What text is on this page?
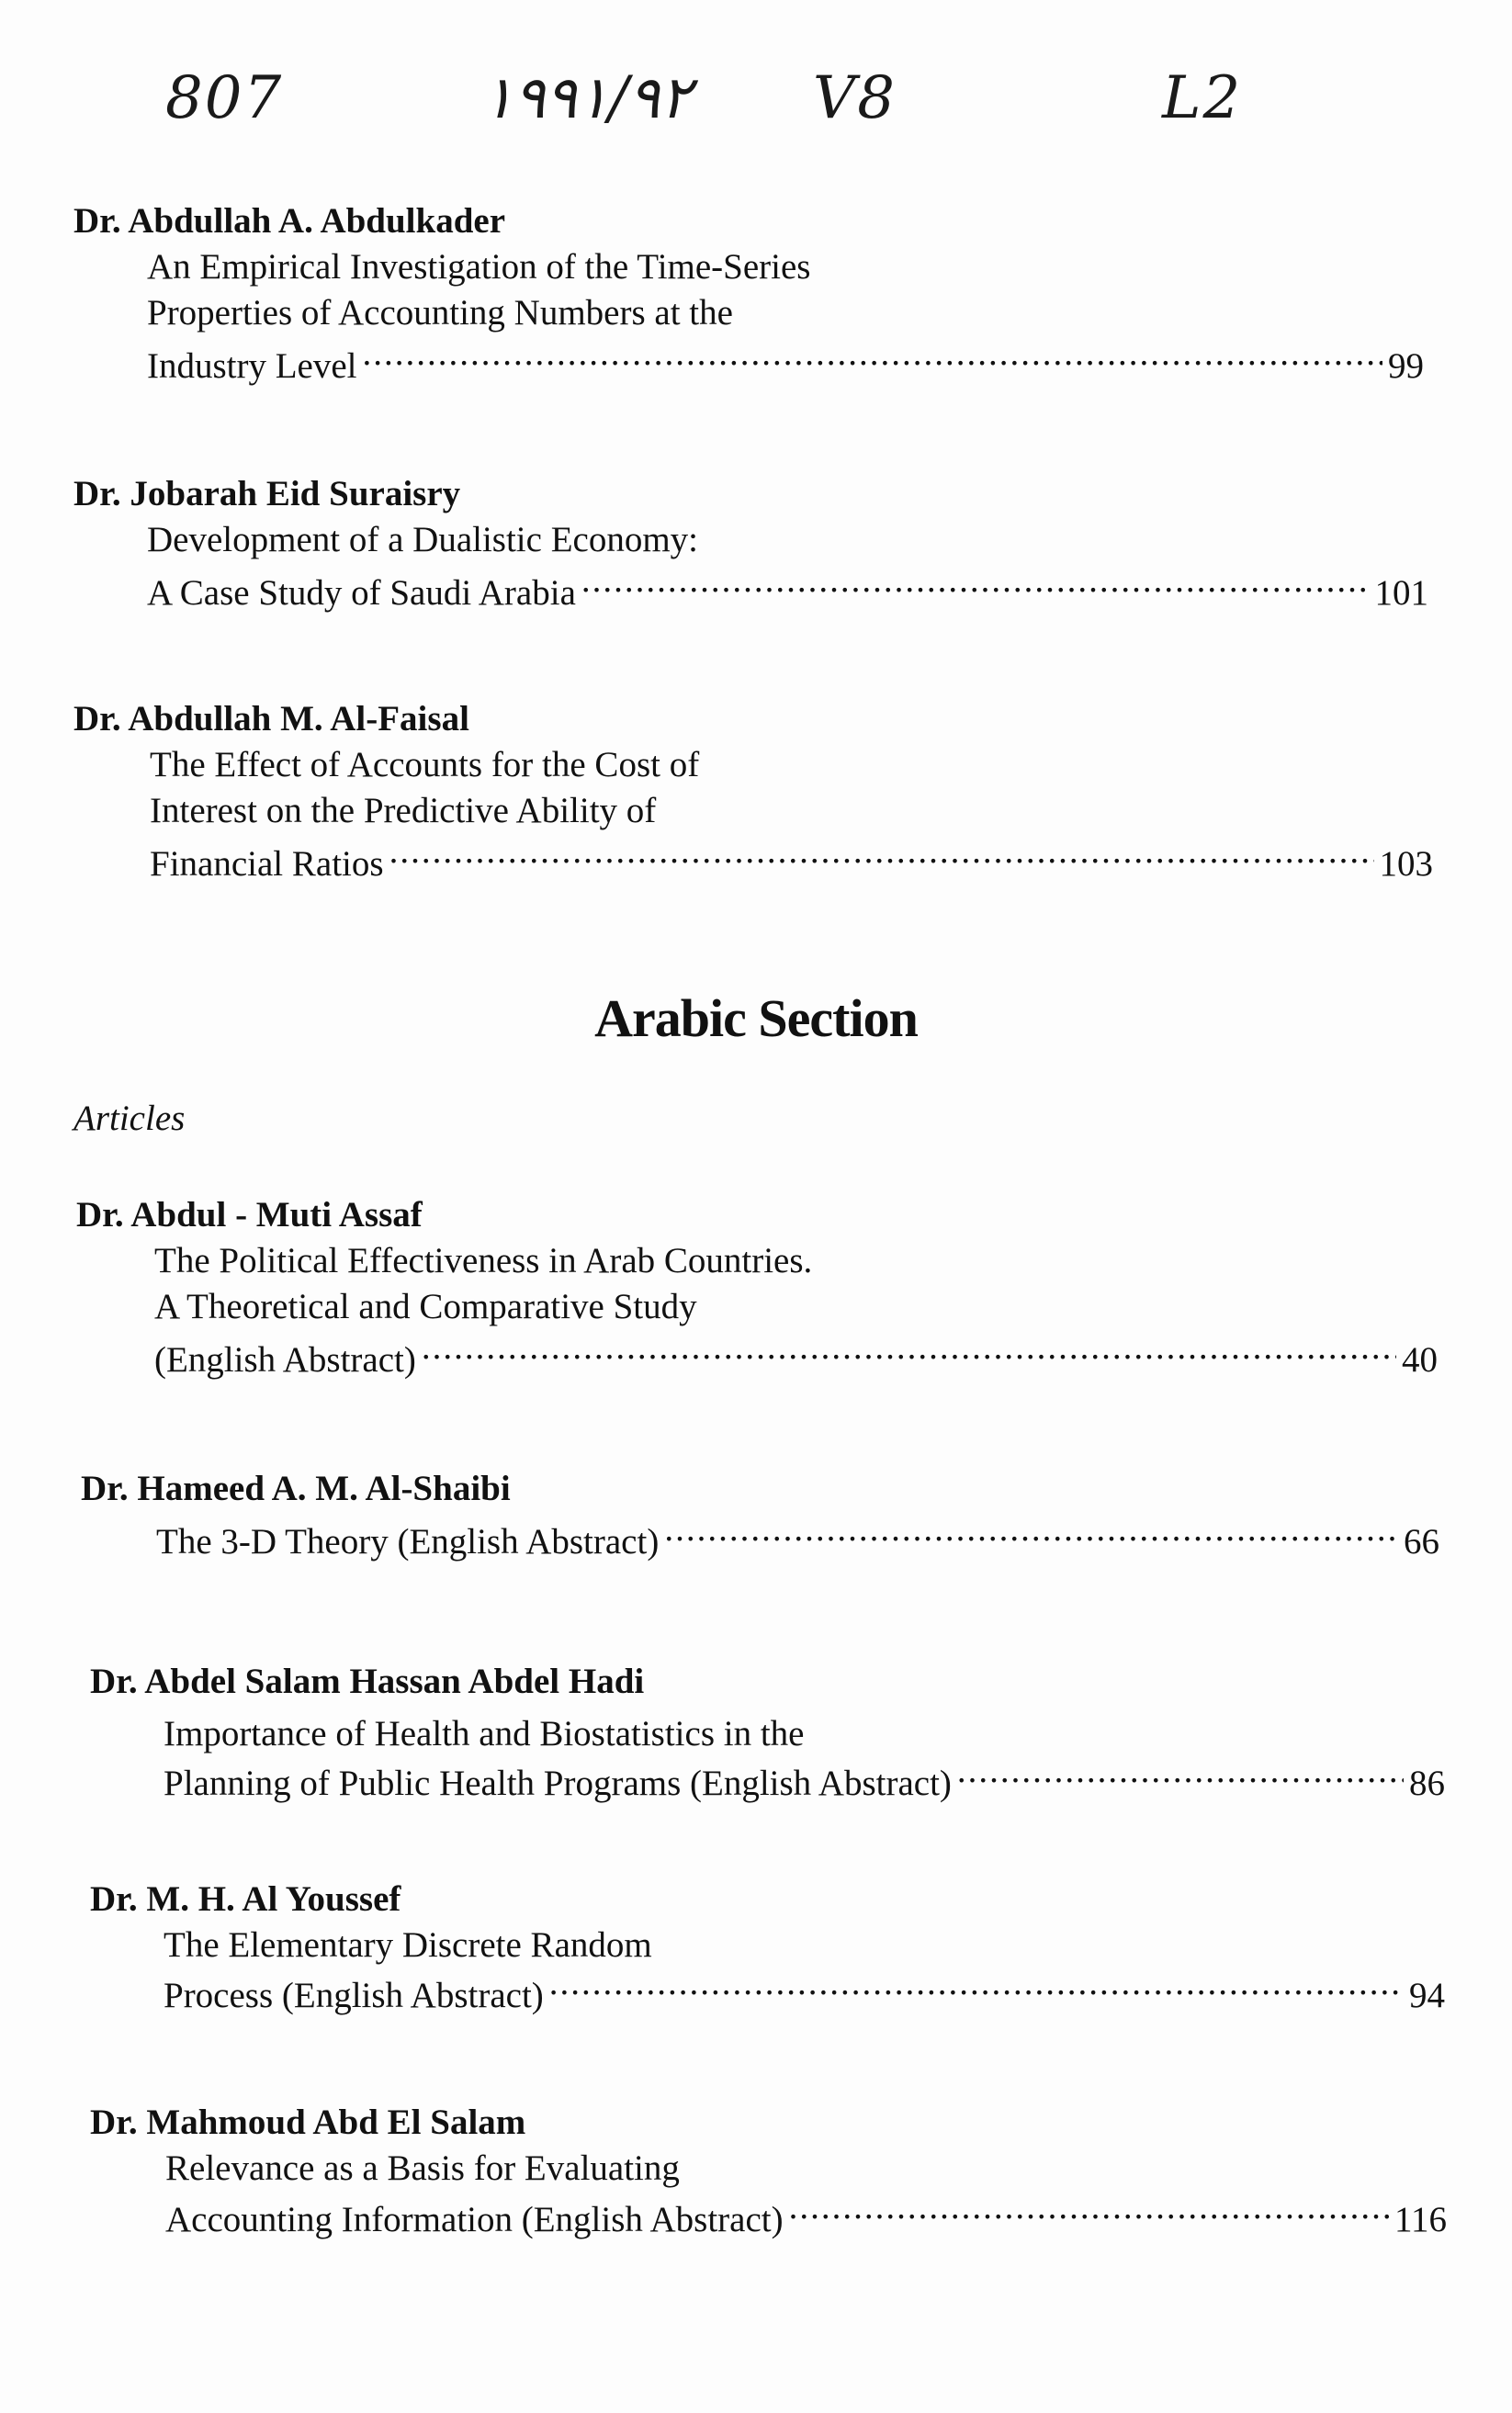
807	١٩٩١/٩٢ V8	L2
Dr. Abdullah A. Abdulkader
An Empirical Investigation of the Time-Series
Properties of Accounting Numbers at the
Industry Level .....	99
Dr. Jobarah Eid Suraisry
Development of a Dualistic Economy:
A Case Study of Saudi Arabia .....	101
Dr. Abdullah M. Al-Faisal
The Effect of Accounts for the Cost of
Interest on the Predictive Ability of
Financial Ratios .....	103
Arabic Section
Articles
Dr. Abdul - Muti Assaf
The Political Effectiveness in Arab Countries.
A Theoretical and Comparative Study
(English Abstract) .....	40
Dr. Hameed A. M. Al-Shaibi
The 3-D Theory (English Abstract) .....	66
Dr. Abdel Salam Hassan Abdel Hadi
Importance of Health and Biostatistics in the
Planning of Public Health Programs (English Abstract) .....	86
Dr. M. H. Al Youssef
The Elementary Discrete Random
Process (English Abstract) .....	94
Dr. Mahmoud Abd El Salam
Relevance as a Basis for Evaluating
Accounting Information (English Abstract) .....	116
